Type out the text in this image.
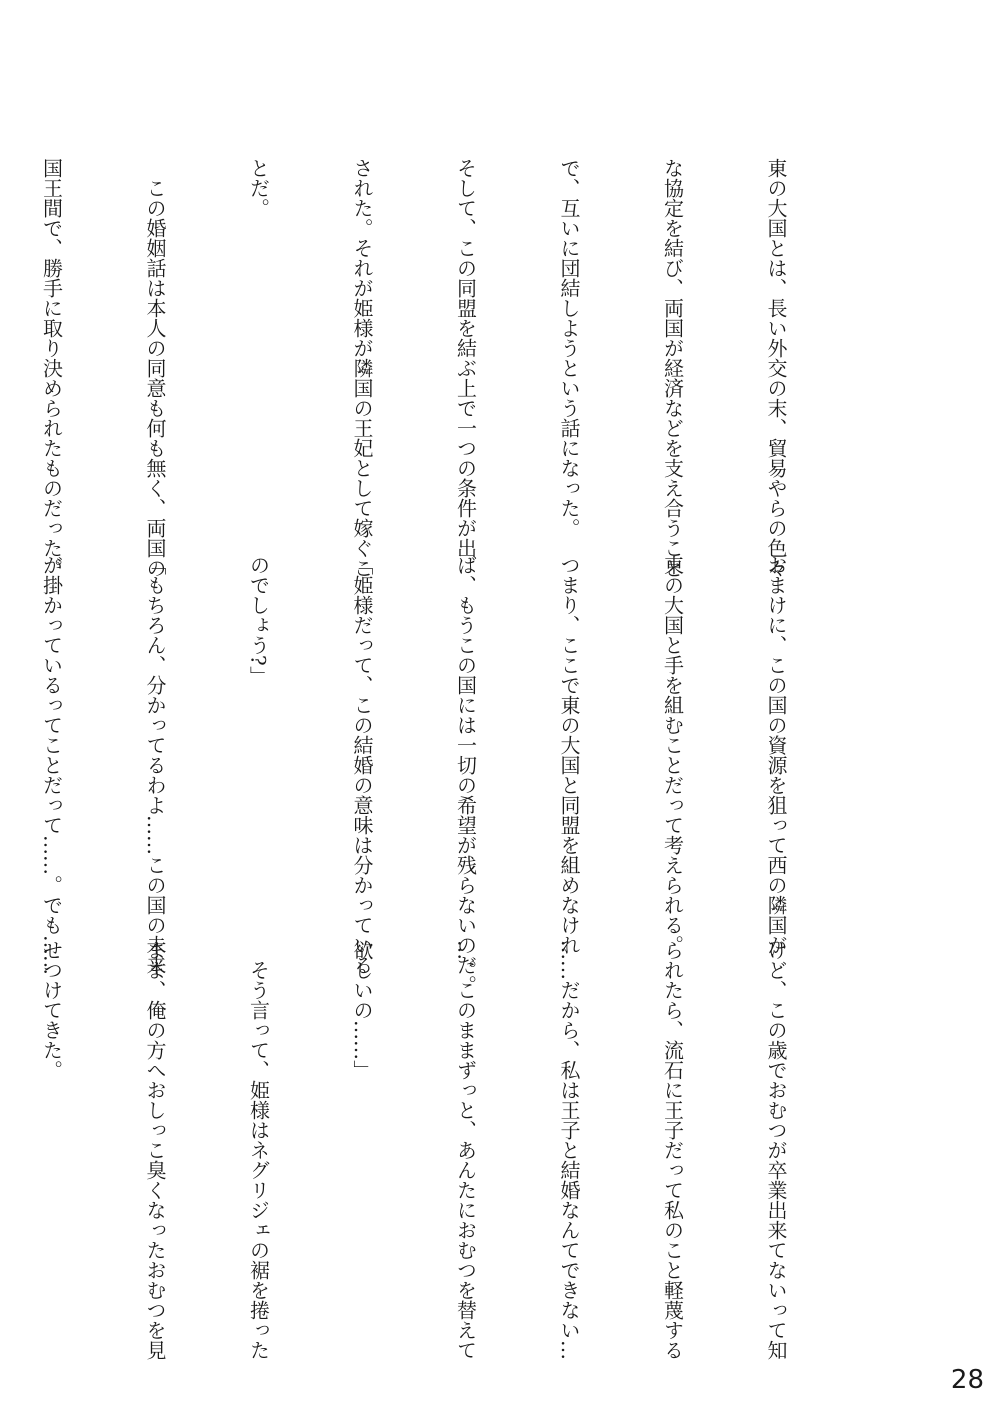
東の大国とは、長い外交の末、貿易やらの色々

な協定を結び、両国が経済などを支え合うこと

で、互いに団結しようという話になった。

そして、この同盟を結ぶ上で一つの条件が出

された。それが姫様が隣国の王妃として嫁ぐこ

とだ。

　この婚姻話は本人の同意も何も無く、両国の

国王間で、勝手に取り決められたものだった。

おまけに、この国の資源を狙って西の隣国が

東の大国と手を組むことだって考えられる。

つまり、ここで東の大国と同盟を組めなけれ

ば、もうこの国には一切の希望が残らないのだ。

「姫様だって、この結婚の意味は分かっている

のでしょう?」

「もちろん、分かってるわよ……この国の未来

が掛かっているってことだって……。でも……

けど、この歳でおむつが卒業出来てないって知

られたら、流石に王子だって私のこと軽蔑する

……だから、私は王子と結婚なんてできない…

…。このままずっと、あんたにおむつを替えて

欲しいの……」

　そう言って、姫様はネグリジェの裾を捲った

まま、俺の方へおしっこ臭くなったおむつを見

せつけてきた。

28
